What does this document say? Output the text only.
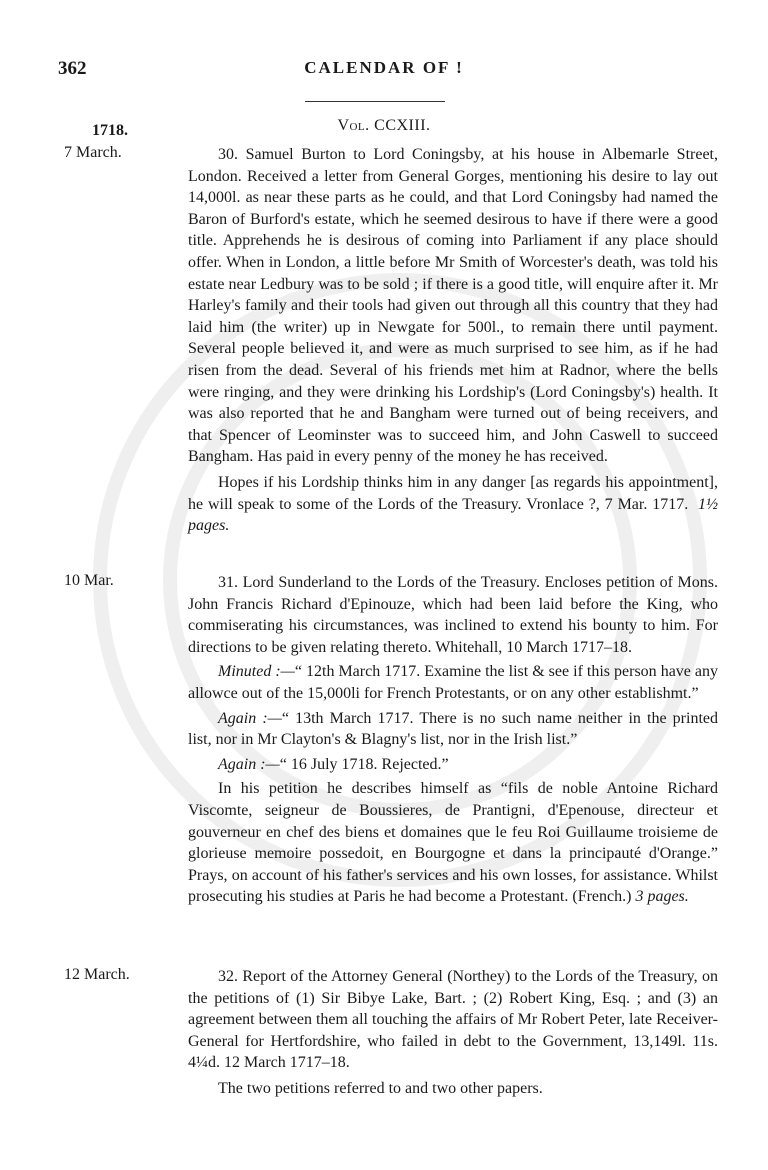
362	CALENDAR OF !
Vol. CCXIII.
1718.
7 March.	30. Samuel Burton to Lord Coningsby, at his house in Albemarle Street, London. Received a letter from General Gorges, mentioning his desire to lay out 14,000l. as near these parts as he could, and that Lord Coningsby had named the Baron of Burford's estate, which he seemed desirous to have if there were a good title. Apprehends he is desirous of coming into Parliament if any place should offer. When in London, a little before Mr Smith of Worcester's death, was told his estate near Ledbury was to be sold ; if there is a good title, will enquire after it. Mr Harley's family and their tools had given out through all this country that they had laid him (the writer) up in Newgate for 500l., to remain there until payment. Several people believed it, and were as much surprised to see him, as if he had risen from the dead. Several of his friends met him at Radnor, where the bells were ringing, and they were drinking his Lordship's (Lord Coningsby's) health. It was also reported that he and Bangham were turned out of being receivers, and that Spencer of Leominster was to succeed him, and John Caswell to succeed Bangham. Has paid in every penny of the money he has received.

Hopes if his Lordship thinks him in any danger [as regards his appointment], he will speak to some of the Lords of the Treasury. Vronlace ?, 7 Mar. 1717. 1½ pages.

10 Mar.	31. Lord Sunderland to the Lords of the Treasury. Encloses petition of Mons. John Francis Richard d'Epinouze, which had been laid before the King, who commiserating his circumstances, was inclined to extend his bounty to him. For directions to be given relating thereto. Whitehall, 10 March 1717–18.

Minuted :—“ 12th March 1717. Examine the list & see if this person have any allowce out of the 15,000li for French Protestants, or on any other establishmt.”

Again :—“ 13th March 1717. There is no such name neither in the printed list, nor in Mr Clayton's & Blagny's list, nor in the Irish list.”

Again :—“ 16 July 1718. Rejected.”

In his petition he describes himself as “fils de noble Antoine Richard Viscomte, seigneur de Boussieres, de Prantigni, d'Epenouse, directeur et gouverneur en chef des biens et domaines que le feu Roi Guillaume troisieme de glorieuse memoire possedoit, en Bourgogne et dans la principauté d'Orange.” Prays, on account of his father's services and his own losses, for assistance. Whilst prosecuting his studies at Paris he had become a Protestant. (French.) 3 pages.

12 March.	32. Report of the Attorney General (Northey) to the Lords of the Treasury, on the petitions of (1) Sir Bibye Lake, Bart. ; (2) Robert King, Esq. ; and (3) an agreement between them all touching the affairs of Mr Robert Peter, late Receiver-General for Hertfordshire, who failed in debt to the Government, 13,149l. 11s. 4¼d. 12 March 1717–18.

The two petitions referred to and two other papers.
